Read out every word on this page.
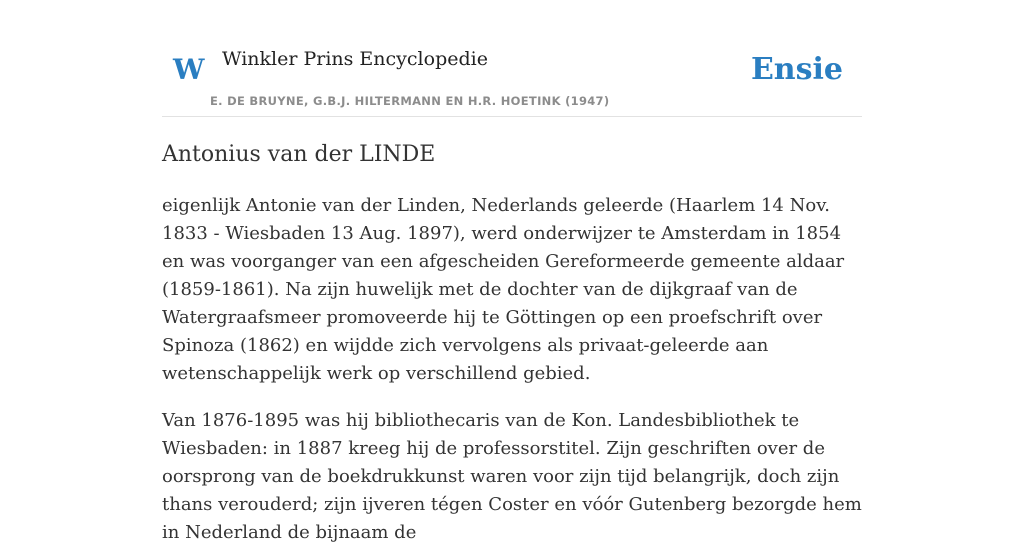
W Winkler Prins Encyclopedie
E. DE BRUYNE, G.B.J. HILTERMANN EN H.R. HOETINK (1947)
Ensie
Antonius van der LINDE

eigenlijk Antonie van der Linden, Nederlands geleerde (Haarlem 14 Nov. 1833 - Wiesbaden 13 Aug. 1897), werd onderwijzer te Amsterdam in 1854 en was voorganger van een afgescheiden Gereformeerde gemeente aldaar (1859-1861). Na zijn huwelijk met de dochter van de dijkgraaf van de Watergraafsmeer promoveerde hij te Göttingen op een proefschrift over Spinoza (1862) en wijdde zich vervolgens als privaat-geleerde aan wetenschappelijk werk op verschillend gebied.

Van 1876-1895 was hij bibliothecaris van de Kon. Landesbibliothek te Wiesbaden: in 1887 kreeg hij de professorstitel. Zijn geschriften over de oorsprong van de boekdrukkunst waren voor zijn tijd belangrijk, doch zijn thans verouderd; zijn ijveren tégen Coster en vóór Gutenberg bezorgde hem in Nederland de bijnaam de
